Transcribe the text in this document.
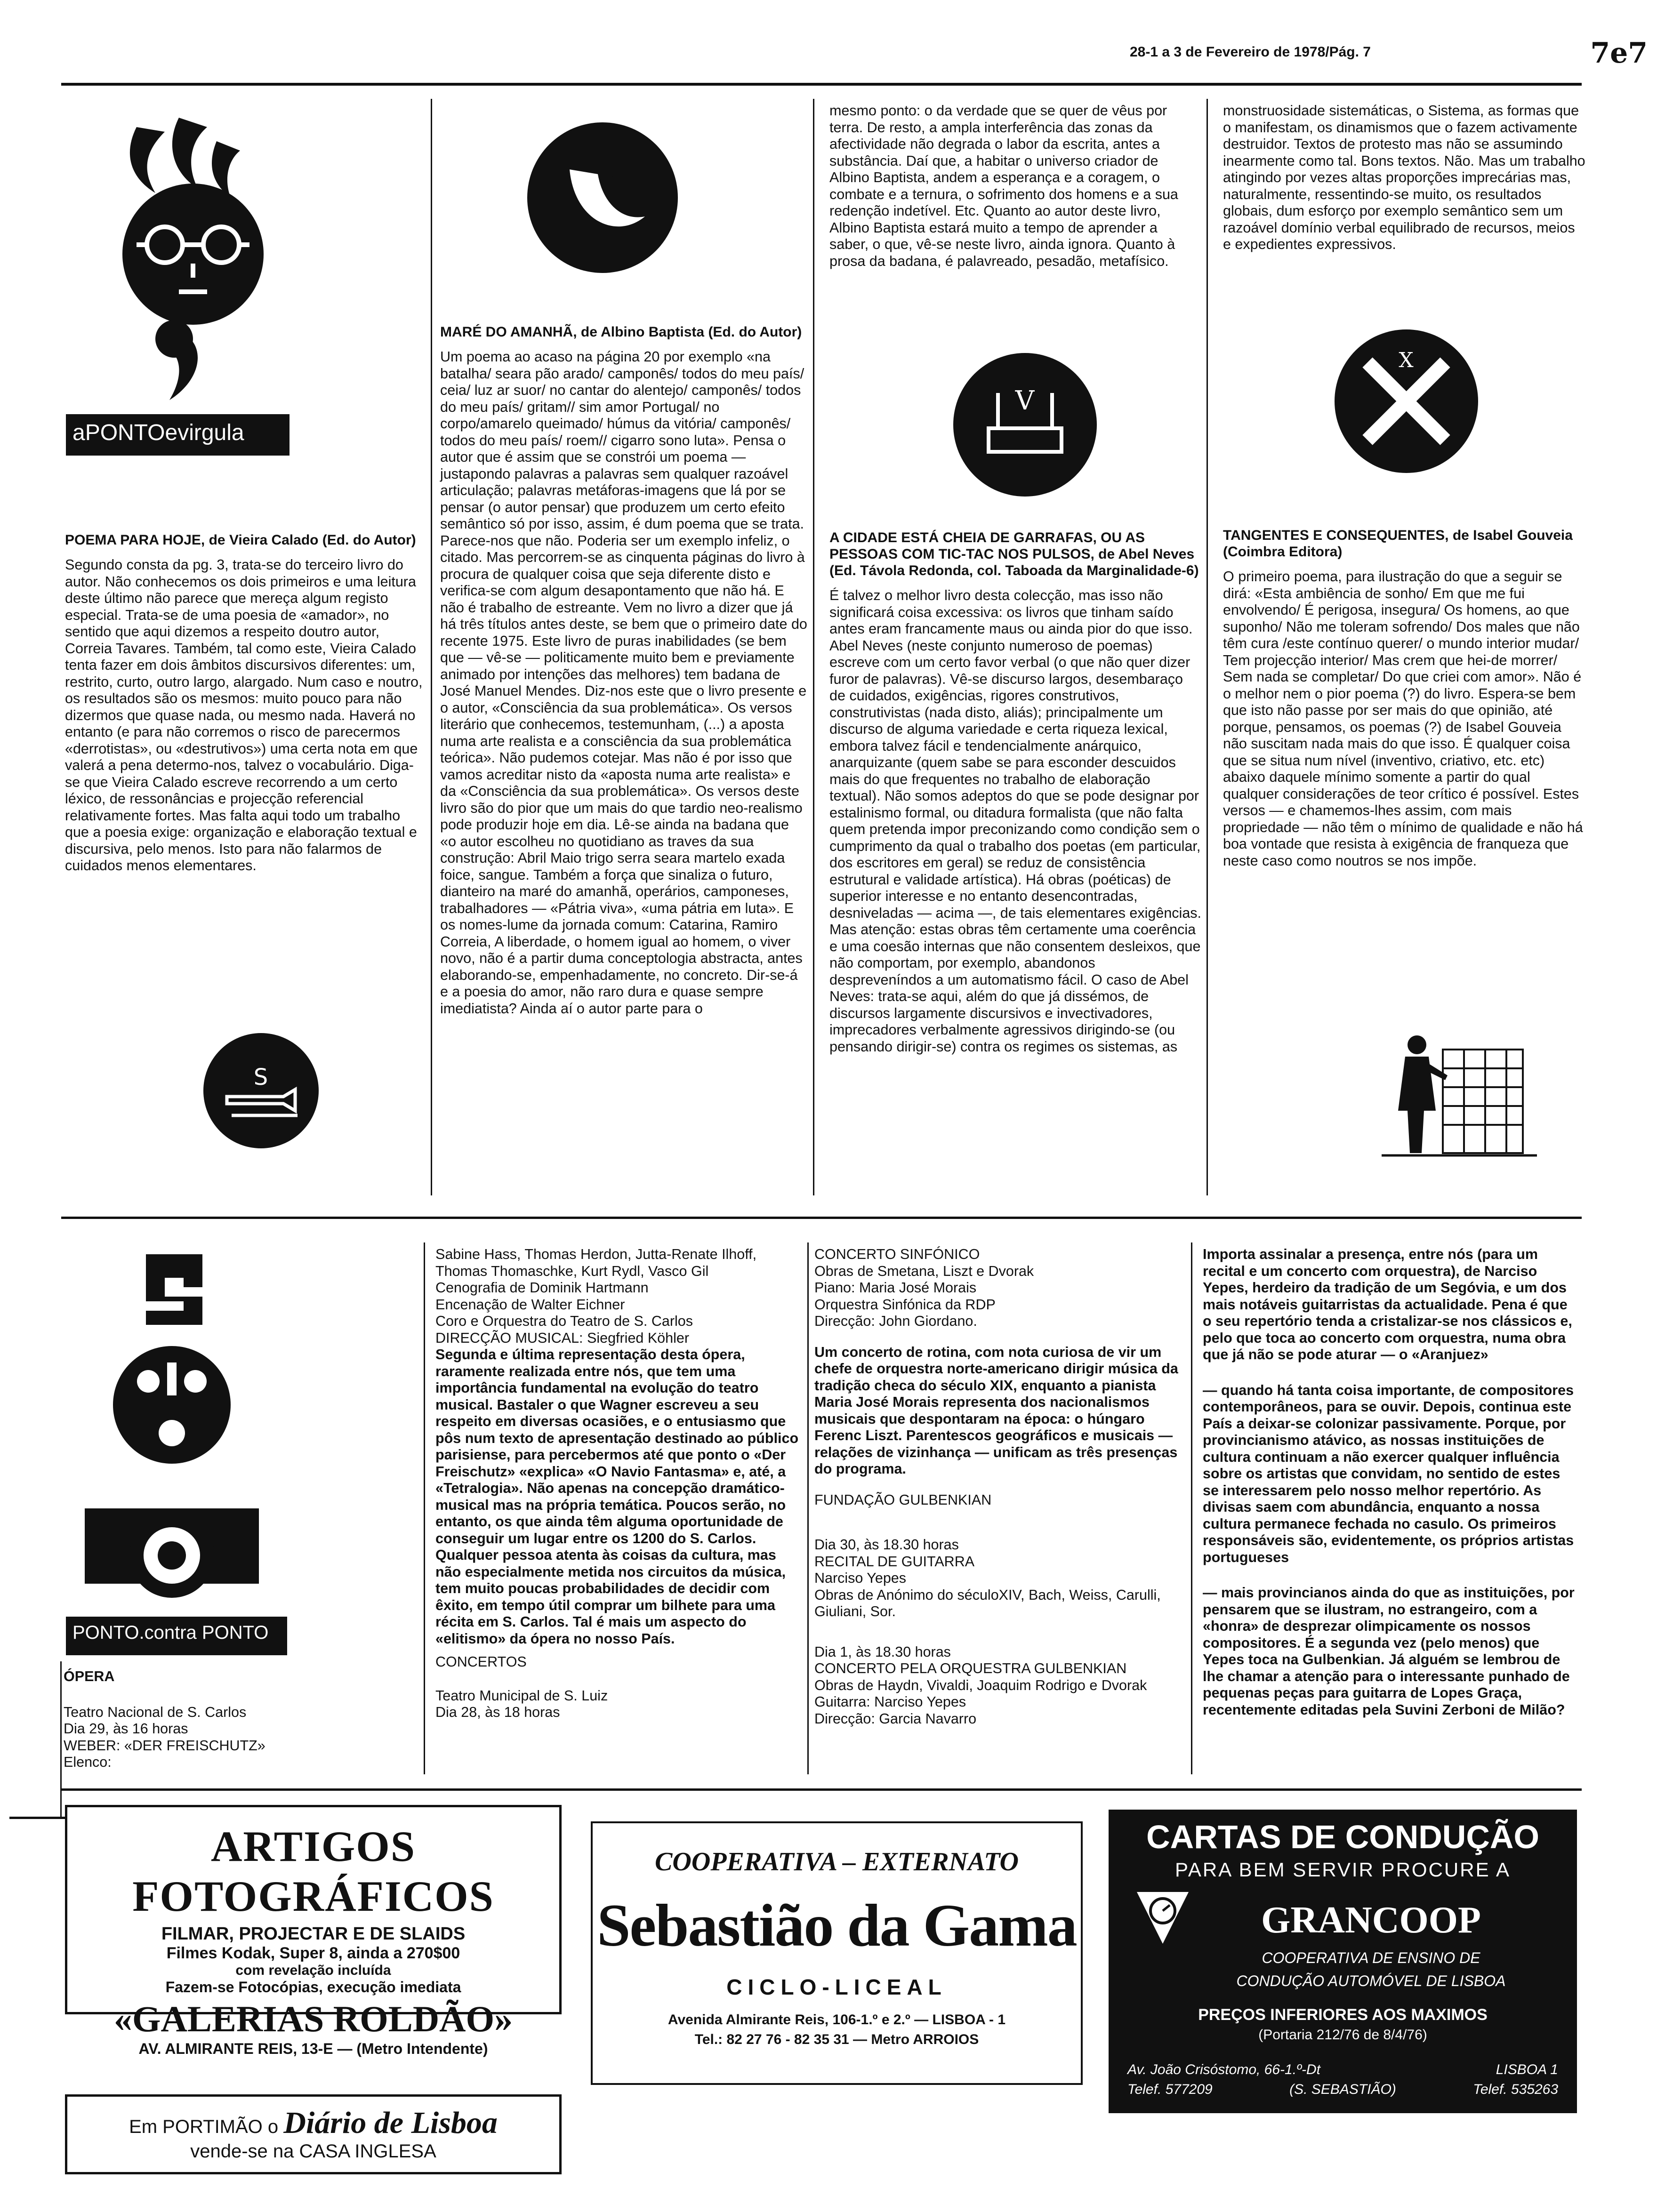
28-1 a 3 de Fevereiro de 1978/Pág. 7	7e7
aPONTOevirgula
POEMA PARA HOJE, de Vieira Calado (Ed. do Autor)

Segundo consta da pg. 3, trata-se do terceiro livro do autor. Não conhecemos os dois primeiros e uma leitura deste último não parece que mereça algum registo especial. Trata-se de uma poesia de «amador», no sentido que aqui dizemos a respeito doutro autor, Correia Tavares. Também, tal como este, Vieira Calado tenta fazer em dois âmbitos discursivos diferentes: um, restrito, curto, outro largo, alargado. Num caso e noutro, os resultados são os mesmos: muito pouco para não dizermos que quase nada, ou mesmo nada. Haverá no entanto (e para não corremos o risco de parecermos «derrotistas», ou «destrutivos») uma certa nota em que valerá a pena determo-nos, talvez o vocabulário. Diga-se que Vieira Calado escreve recorrendo a um certo léxico, de ressonâncias e projecção referencial relativamente fortes. Mas falta aqui todo um trabalho que a poesia exige: organização e elaboração textual e discursiva, pelo menos. Isto para não falarmos de cuidados menos elementares.

S
V
MARÉ DO AMANHÃ, de Albino Baptista (Ed. do Autor)

Um poema ao acaso na página 20 por exemplo «na batalha/ seara pão arado/ camponês/ todos do meu país/ ceia/ luz ar suor/ no cantar do alentejo/ camponês/ todos do meu país/ gritam// sim amor Portugal/ no corpo/amarelo queimado/ húmus da vitória/ camponês/ todos do meu país/ roem// cigarro sono luta». Pensa o autor que é assim que se constrói um poema — justapondo palavras a palavras sem qualquer razoável articulação; palavras metáforas-imagens que lá por se pensar (o autor pensar) que produzem um certo efeito semântico só por isso, assim, é dum poema que se trata. Parece-nos que não. Poderia ser um exemplo infeliz, o citado. Mas percorrem-se as cinquenta páginas do livro à procura de qualquer coisa que seja diferente disto e verifica-se com algum desapontamento que não há. E não é trabalho de estreante. Vem no livro a dizer que já há três títulos antes deste, se bem que o primeiro date do recente 1975. Este livro de puras inabilidades (se bem que — vê-se — politicamente muito bem e previamente animado por intenções das melhores) tem badana de José Manuel Mendes. Diz-nos este que o livro presente e o autor, «Consciência da sua problemática». Os versos literário que conhecemos, testemunham, (...) a aposta numa arte realista e a consciência da sua problemática teórica». Não pudemos cotejar. Mas não é por isso que vamos acreditar nisto da «aposta numa arte realista» e da «Consciência da sua problemática». Os versos deste livro são do pior que um mais do que tardio neo-realismo pode produzir hoje em dia. Lê-se ainda na badana que «o autor escolheu no quotidiano as traves da sua construção: Abril Maio trigo serra seara martelo exada foice, sangue. Também a força que sinaliza o futuro, dianteiro na maré do amanhã, operários, camponeses, trabalhadores — «Pátria viva», «uma pátria em luta». E os nomes-lume da jornada comum: Catarina, Ramiro Correia, A liberdade, o homem igual ao homem, o viver novo, não é a partir duma conceptologia abstracta, antes elaborando-se, empenhadamente, no concreto. Dir-se-á e a poesia do amor, não raro dura e quase sempre imediatista? Ainda aí o autor parte para o

mesmo ponto: o da verdade que se quer de vêus por terra. De resto, a ampla interferência das zonas da afectividade não degrada o labor da escrita, antes a substância. Daí que, a habitar o universo criador de Albino Baptista, andem a esperança e a coragem, o combate e a ternura, o sofrimento dos homens e a sua redenção indetível. Etc. Quanto ao autor deste livro, Albino Baptista estará muito a tempo de aprender a saber, o que, vê-se neste livro, ainda ignora. Quanto à prosa da badana, é palavreado, pesadão, metafísico.

V
A CIDADE ESTÁ CHEIA DE GARRAFAS, OU AS PESSOAS COM TIC-TAC NOS PULSOS, de Abel Neves (Ed. Távola Redonda, col. Taboada da Marginalidade-6)

É talvez o melhor livro desta colecção, mas isso não significará coisa excessiva: os livros que tinham saído antes eram francamente maus ou ainda pior do que isso. Abel Neves (neste conjunto numeroso de poemas) escreve com um certo favor verbal (o que não quer dizer furor de palavras). Vê-se discurso largos, desembaraço de cuidados, exigências, rigores construtivos, construtivistas (nada disto, aliás); principalmente um discurso de alguma variedade e certa riqueza lexical, embora talvez fácil e tendencialmente anárquico, anarquizante (quem sabe se para esconder descuidos mais do que frequentes no trabalho de elaboração textual). Não somos adeptos do que se pode designar por estalinismo formal, ou ditadura formalista (que não falta quem pretenda impor preconizando como condição sem o cumprimento da qual o trabalho dos poetas (em particular, dos escritores em geral) se reduz de consistência estrutural e validade artística). Há obras (poéticas) de superior interesse e no entanto desencontradas, desniveladas — acima —, de tais elementares exigências. Mas atenção: estas obras têm certamente uma coerência e uma coesão internas que não consentem desleixos, que não comportam, por exemplo, abandonos despreveníndos a um automatismo fácil. O caso de Abel Neves: trata-se aqui, além do que já dissémos, de discursos largamente discursivos e invectivadores, imprecadores verbalmente agressivos dirigindo-se (ou pensando dirigir-se) contra os regimes os sistemas, as

monstruosidade sistemáticas, o Sistema, as formas que o manifestam, os dinamismos que o fazem activamente destruidor. Textos de protesto mas não se assumindo inearmente como tal. Bons textos. Não. Mas um trabalho atingindo por vezes altas proporções imprecárias mas, naturalmente, ressentindo-se muito, os resultados globais, dum esforço por exemplo semântico sem um razoável domínio verbal equilibrado de recursos, meios e expedientes expressivos.

X
TANGENTES E CONSEQUENTES, de Isabel Gouveia (Coimbra Editora)

O primeiro poema, para ilustração do que a seguir se dirá: «Esta ambiência de sonho/ Em que me fui envolvendo/ É perigosa, insegura/ Os homens, ao que suponho/ Não me toleram sofrendo/ Dos males que não têm cura /este contínuo querer/ o mundo interior mudar/ Tem projecção interior/ Mas crem que hei-de morrer/ Sem nada se completar/ Do que criei com amor». Não é o melhor nem o pior poema (?) do livro. Espera-se bem que isto não passe por ser mais do que opinião, até porque, pensamos, os poemas (?) de Isabel Gouveia não suscitam nada mais do que isso. É qualquer coisa que se situa num nível (inventivo, criativo, etc. etc) abaixo daquele mínimo somente a partir do qual qualquer considerações de teor crítico é possível. Estes versos — e chamemos-lhes assim, com mais propriedade — não têm o mínimo de qualidade e não há boa vontade que resista à exigência de franqueza que neste caso como noutros se nos impõe.

PONTO.contra PONTO
ÓPERA
Teatro Nacional de S. Carlos
Dia 29, às 16 horas
WEBER: «DER FREISCHUTZ»
Elenco:
Sabine Hass, Thomas Herdon, Jutta-Renate Ilhoff, Thomas Thomaschke, Kurt Rydl, Vasco Gil
Cenografia de Dominik Hartmann
Encenação de Walter Eichner
Coro e Orquestra do Teatro de S. Carlos
DIRECÇÃO MUSICAL: Siegfried Köhler

Segunda e última representação desta ópera, raramente realizada entre nós, que tem uma importância fundamental na evolução do teatro musical. Bastaler o que Wagner escreveu a seu respeito em diversas ocasiões, e o entusiasmo que pôs num texto de apresentação destinado ao público parisiense, para percebermos até que ponto o «Der Freischutz» «explica» «O Navio Fantasma» e, até, a «Tetralogia». Não apenas na concepção dramático-musical mas na própria temática. Poucos serão, no entanto, os que ainda têm alguma oportunidade de conseguir um lugar entre os 1200 do S. Carlos. Qualquer pessoa atenta às coisas da cultura, mas não especialmente metida nos circuitos da música, tem muito poucas probabilidades de decidir com êxito, em tempo útil comprar um bilhete para uma récita em S. Carlos. Tal é mais um aspecto do «elitismo» da ópera no nosso País.

CONCERTOS
Teatro Municipal de S. Luiz
Dia 28, às 18 horas
CONCERTO SINFÓNICO
Obras de Smetana, Liszt e Dvorak
Piano: Maria José Morais
Orquestra Sinfónica da RDP
Direcção: John Giordano.

Um concerto de rotina, com nota curiosa de vir um chefe de orquestra norte-americano dirigir música da tradição checa do século XIX, enquanto a pianista Maria José Morais representa dos nacionalismos musicais que despontaram na época: o húngaro Ferenc Liszt. Parentescos geográficos e musicais — relações de vizinhança — unificam as três presenças do programa.

FUNDAÇÃO GULBENKIAN
Dia 30, às 18.30 horas
RECITAL DE GUITARRA
Narciso Yepes
Obras de Anónimo do séculoXIV, Bach, Weiss, Carulli, Giuliani, Sor.
Dia 1, às 18.30 horas
CONCERTO PELA ORQUESTRA GULBENKIAN
Obras de Haydn, Vivaldi, Joaquim Rodrigo e Dvorak
Guitarra: Narciso Yepes
Direcção: Garcia Navarro

Importa assinalar a presença, entre nós (para um recital e um concerto com orquestra), de Narciso Yepes, herdeiro da tradição de um Segóvia, e um dos mais notáveis guitarristas da actualidade. Pena é que o seu repertório tenda a cristalizar-se nos clássicos e, pelo que toca ao concerto com orquestra, numa obra que já não se pode aturar — o «Aranjuez»

— quando há tanta coisa importante, de compositores contemporâneos, para se ouvir. Depois, continua este País a deixar-se colonizar passivamente. Porque, por provincianismo atávico, as nossas instituições de cultura continuam a não exercer qualquer influência sobre os artistas que convidam, no sentido de estes se interessarem pelo nosso melhor repertório. As divisas saem com abundância, enquanto a nossa cultura permanece fechada no casulo. Os primeiros responsáveis são, evidentemente, os próprios artistas portugueses

— mais provincianos ainda do que as instituições, por pensarem que se ilustram, no estrangeiro, com a «honra» de desprezar olimpicamente os nossos compositores. É a segunda vez (pelo menos) que Yepes toca na Gulbenkian. Já alguém se lembrou de lhe chamar a atenção para o interessante punhado de pequenas peças para guitarra de Lopes Graça, recentemente editadas pela Suvini Zerboni de Milão?

ARTIGOS FOTOGRÁFICOS
FILMAR, PROJECTAR E DE SLAIDS
Filmes Kodak, Super 8, ainda a 270$00
com revelação incluída
Fazem-se Fotocópias, execução imediata
«GALERIAS ROLDÃO»
AV. ALMIRANTE REIS, 13-E — (Metro Intendente)
Em PORTIMÃO o Diário de Lisboa
vende-se na CASA INGLESA
COOPERATIVA – EXTERNATO
Sebastião da Gama
CICLO-LICEAL
Avenida Almirante Reis, 106-1.º e 2.º — LISBOA - 1
Tel.: 82 27 76 - 82 35 31 — Metro ARROIOS
CARTAS DE CONDUÇÃO
PARA BEM SERVIR PROCURE A
GRANCOOP
COOPERATIVA DE ENSINO DE
CONDUÇÃO AUTOMÓVEL DE LISBOA
PREÇOS INFERIORES AOS MAXIMOS
(Portaria 212/76 de 8/4/76)
Av. João Crisóstomo, 66-1.º-Dt	LISBOA 1
Telef. 577209	(S. SEBASTIÃO)	Telef. 535263
